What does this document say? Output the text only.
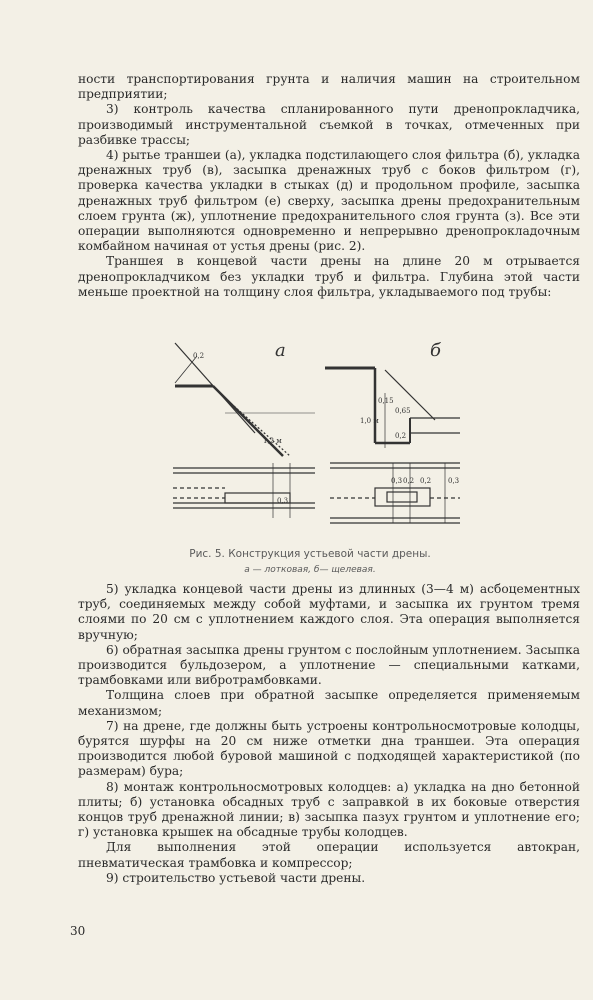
ности транспортирования грунта и наличия машин на строительном предприятии;

3) контроль качества спланированного пути дренопрокладчика, производимый инструментальной съемкой в точках, отмеченных при разбивке трассы;

4) рытье траншеи (а), укладка подстилающего слоя фильтра (б), укладка дренажных труб (в), засыпка дренажных труб с боков фильтром (г), проверка качества укладки в стыках (д) и продольном профиле, засыпка дренажных труб фильтром (е) сверху, засыпка дрены предохранительным слоем грунта (ж), уплотнение предохранительного слоя грунта (з). Все эти операции выполняются одновременно и непрерывно дренопрокладочным комбайном начиная от устья дрены (рис. 2).

Траншея в концевой части дрены на длине 20 м отрывается дренопрокладчиком без укладки труб и фильтра. Глубина этой части меньше проектной на толщину слоя фильтра, укладываемого под трубы:

а	б
0,2
1,2 м
0,3
0,15
0,65
1,0 м
0,2
0,3 0,2 0,2 0,3
Рис. 5. Конструкция устьевой части дрены.
а — лотковая, б— щелевая.

5) укладка концевой части дрены из длинных (3—4 м) асбоцементных труб, соединяемых между собой муфтами, и засыпка их грунтом тремя слоями по 20 см с уплотнением каждого слоя. Эта операция выполняется вручную;

6) обратная засыпка дрены грунтом с послойным уплотнением. Засыпка производится бульдозером, а уплотнение — специальными катками, трамбовками или вибротрамбовками.

Толщина слоев при обратной засыпке определяется применяемым механизмом;

7) на дрене, где должны быть устроены контрольносмотровые колодцы, бурятся шурфы на 20 см ниже отметки дна траншеи. Эта операция производится любой буровой машиной с подходящей характеристикой (по размерам) бура;

8) монтаж контрольносмотровых колодцев: а) укладка на дно бетонной плиты; б) установка обсадных труб с заправкой в их боковые отверстия концов труб дренажной линии; в) засыпка пазух грунтом и уплотнение его; г) установка крышек на обсадные трубы колодцев.

Для выполнения этой операции используется автокран, пневматическая трамбовка и компрессор;

9) строительство устьевой части дрены.

30
